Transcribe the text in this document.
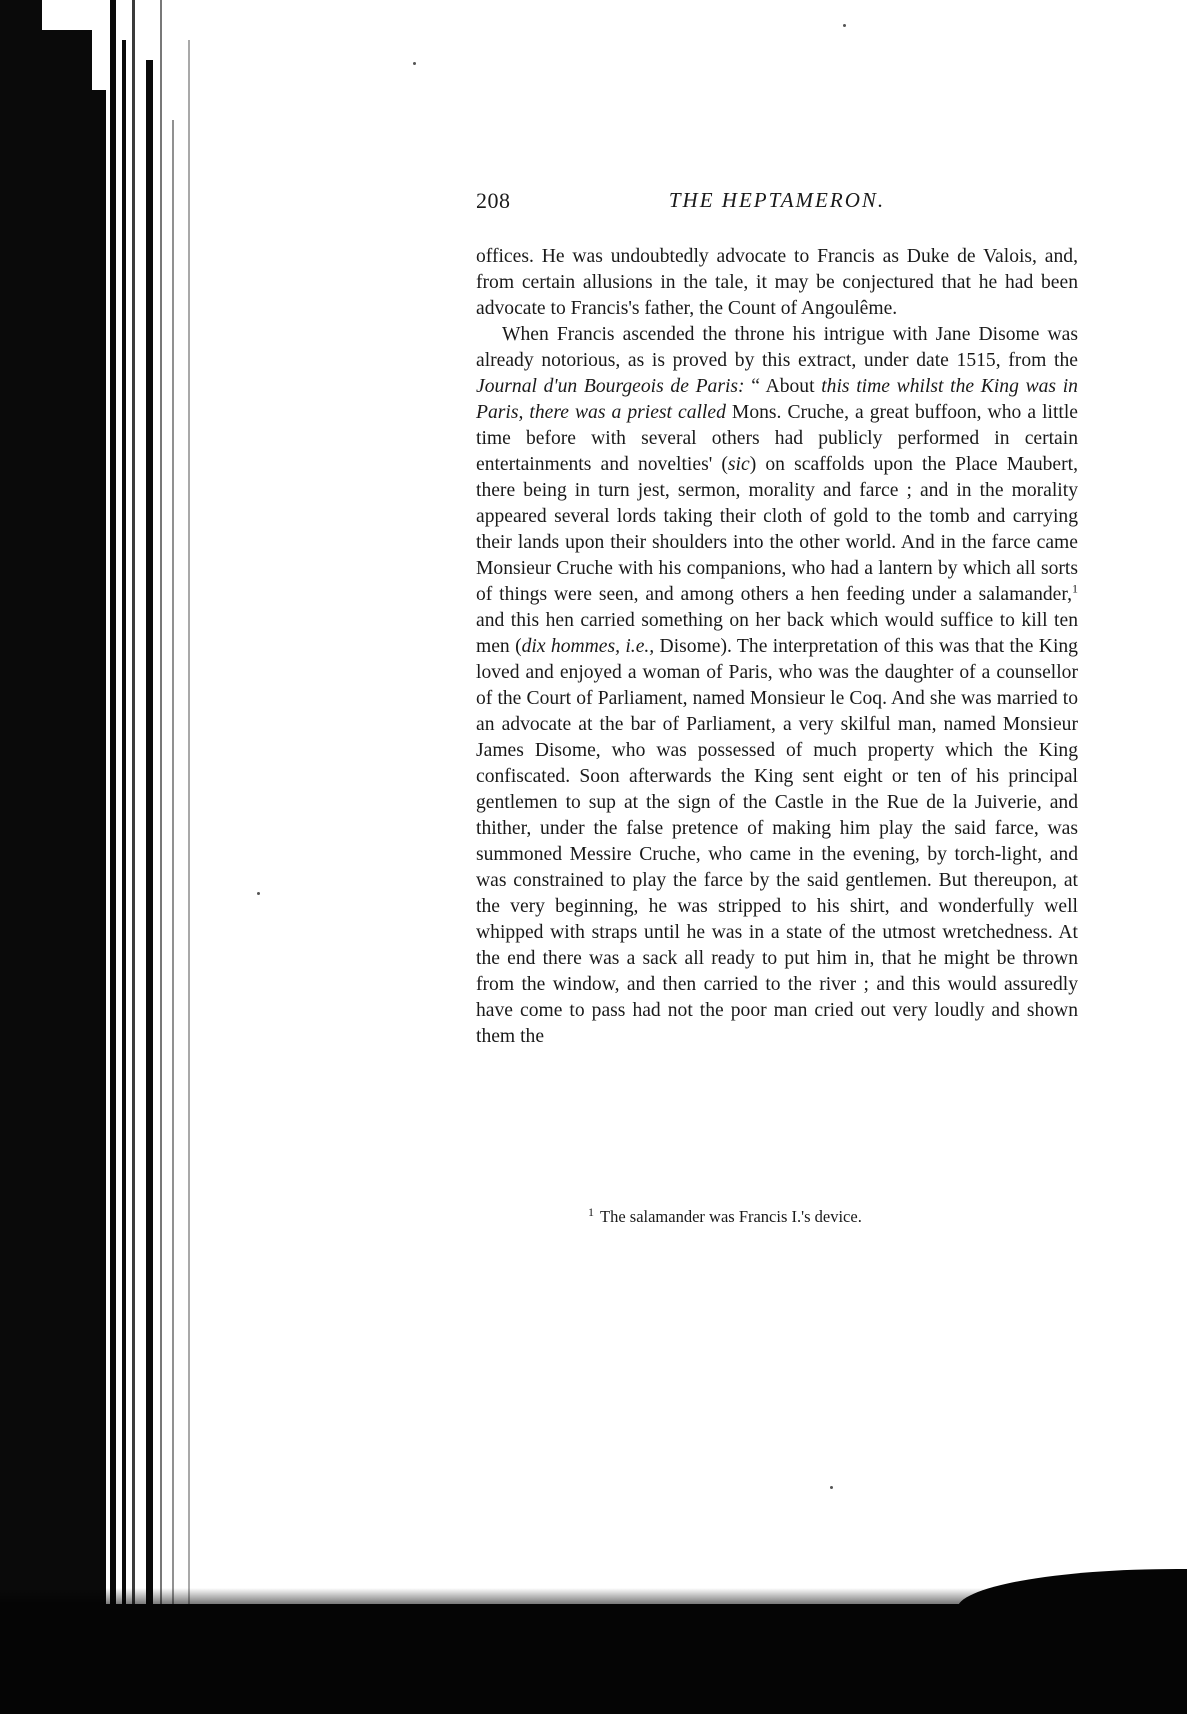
208	THE HEPTAMERON.

offices. He was undoubtedly advocate to Francis as Duke de Valois, and, from certain allusions in the tale, it may be conjectured that he had been advocate to Francis's father, the Count of Angoulême.

When Francis ascended the throne his intrigue with Jane Disome was already notorious, as is proved by this extract, under date 1515, from the Journal d'un Bourgeois de Paris: “ About this time whilst the King was in Paris, there was a priest called Mons. Cruche, a great buffoon, who a little time before with several others had publicly performed in certain entertainments and novelties' (sic) on scaffolds upon the Place Maubert, there being in turn jest, sermon, morality and farce ; and in the morality appeared several lords taking their cloth of gold to the tomb and carrying their lands upon their shoulders into the other world. And in the farce came Monsieur Cruche with his companions, who had a lantern by which all sorts of things were seen, and among others a hen feeding under a salamander,$^1$ and this hen carried something on her back which would suffice to kill ten men (dix hommes, i.e., Disome). The interpretation of this was that the King loved and enjoyed a woman of Paris, who was the daughter of a counsellor of the Court of Parliament, named Monsieur le Coq. And she was married to an advocate at the bar of Parliament, a very skilful man, named Monsieur James Disome, who was possessed of much property which the King confiscated. Soon afterwards the King sent eight or ten of his principal gentlemen to sup at the sign of the Castle in the Rue de la Juiverie, and thither, under the false pretence of making him play the said farce, was summoned Messire Cruche, who came in the evening, by torch-light, and was constrained to play the farce by the said gentlemen. But thereupon, at the very beginning, he was stripped to his shirt, and wonderfully well whipped with straps until he was in a state of the utmost wretchedness. At the end there was a sack all ready to put him in, that he might be thrown from the window, and then carried to the river ; and this would assuredly have come to pass had not the poor man cried out very loudly and shown them the

$^1$ The salamander was Francis I.'s device.
